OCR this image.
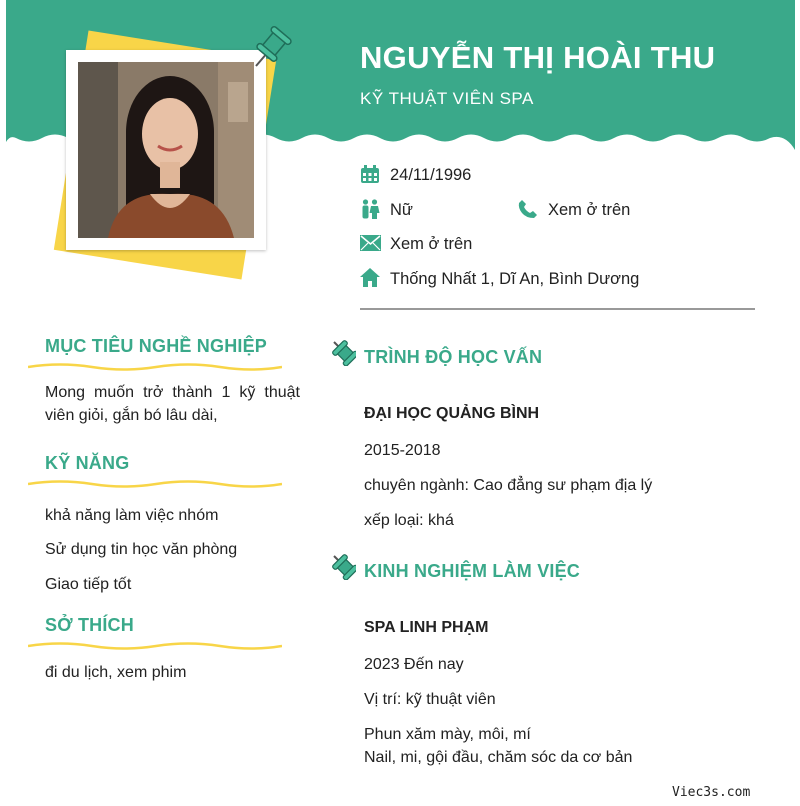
NGUYỄN THỊ HOÀI THU
KỸ THUẬT VIÊN SPA
24/11/1996
Nữ	Xem ở trên
Xem ở trên
Thống Nhất 1, Dĩ An, Bình Dương
MỤC TIÊU NGHỀ NGHIỆP
Mong muốn trở thành 1 kỹ thuật viên giỏi, gắn bó lâu dài,
KỸ NĂNG
khả năng làm việc nhóm
Sử dụng tin học văn phòng
Giao tiếp tốt
SỞ THÍCH
đi du lịch, xem phim
TRÌNH ĐỘ HỌC VẤN
ĐẠI HỌC QUẢNG BÌNH
2015-2018
chuyên ngành: Cao đẳng sư phạm địa lý
xếp loại: khá
KINH NGHIỆM LÀM VIỆC
SPA LINH PHẠM
2023 Đến nay
Vị trí: kỹ thuật viên
Phun xăm mày, môi, mí
Nail, mi, gội đầu, chăm sóc da cơ bản
Viec3s.com
